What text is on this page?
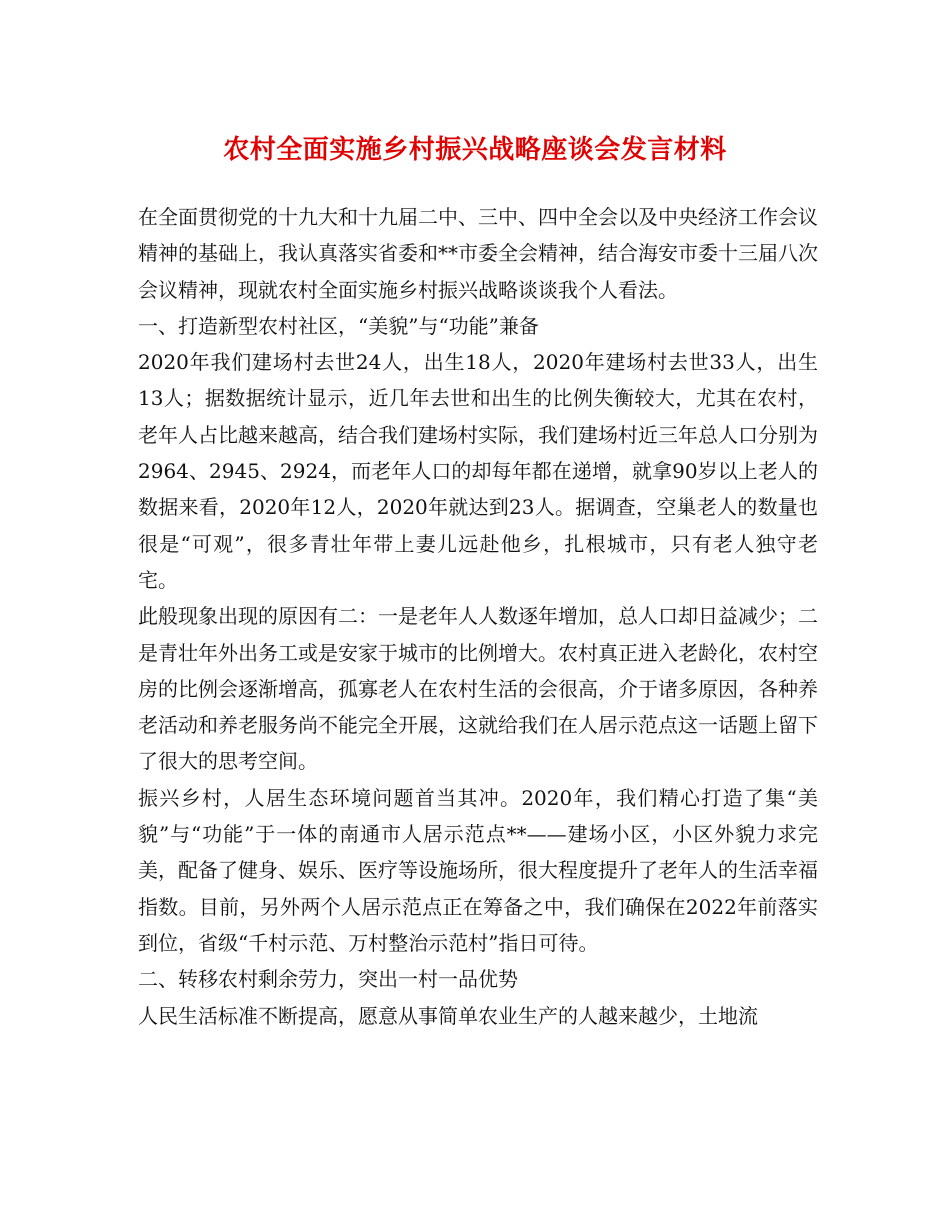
农村全面实施乡村振兴战略座谈会发言材料

在全面贯彻党的十九大和十九届二中、三中、四中全会以及中央经济工作会议精神的基础上，我认真落实省委和**市委全会精神，结合海安市委十三届八次会议精神，现就农村全面实施乡村振兴战略谈谈我个人看法。

一、打造新型农村社区，“美貌”与“功能”兼备

2020年我们建场村去世24人，出生18人，2020年建场村去世33人，出生13人；据数据统计显示，近几年去世和出生的比例失衡较大，尤其在农村，老年人占比越来越高，结合我们建场村实际，我们建场村近三年总人口分别为2964、2945、2924，而老年人口的却每年都在递增，就拿90岁以上老人的数据来看，2020年12人，2020年就达到23人。据调查，空巢老人的数量也很是“可观”，很多青壮年带上妻儿远赴他乡，扎根城市，只有老人独守老宅。

此般现象出现的原因有二：一是老年人人数逐年增加，总人口却日益减少；二是青壮年外出务工或是安家于城市的比例增大。农村真正进入老龄化，农村空房的比例会逐渐增高，孤寡老人在农村生活的会很高，介于诸多原因，各种养老活动和养老服务尚不能完全开展，这就给我们在人居示范点这一话题上留下了很大的思考空间。

振兴乡村，人居生态环境问题首当其冲。2020年，我们精心打造了集“美貌”与“功能”于一体的南通市人居示范点**——建场小区，小区外貌力求完美，配备了健身、娱乐、医疗等设施场所，很大程度提升了老年人的生活幸福指数。目前，另外两个人居示范点正在筹备之中，我们确保在2022年前落实到位，省级“千村示范、万村整治示范村”指日可待。

二、转移农村剩余劳力，突出一村一品优势

人民生活标准不断提高，愿意从事简单农业生产的人越来越少，土地流
